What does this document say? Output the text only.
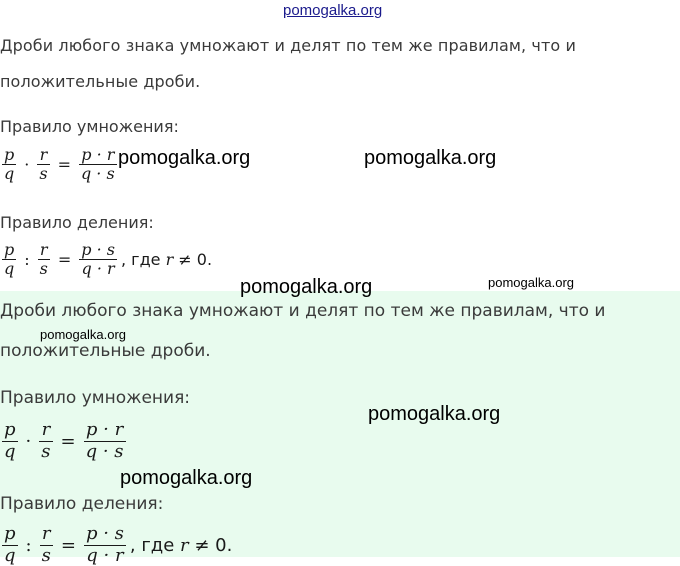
pomogalka.org
Дроби любого знака умножают и делят по тем же правилам, что и
положительные дроби.
Правило умножения:
$\frac{p}{q} \cdot \frac{r}{s} = \frac{p \cdot r}{q \cdot s}$
Правило деления:
$\frac{p}{q}$ : $\frac{r}{s} = \frac{p \cdot s}{q \cdot r}$ , где r ≠ 0.
Дроби любого знака умножают и делят по тем же правилам, что и
положительные дроби.
Правило умножения:
$\frac{p}{q} \cdot \frac{r}{s} = \frac{p \cdot r}{q \cdot s}$
Правило деления:
$\frac{p}{q}$ : $\frac{r}{s} = \frac{p \cdot s}{q \cdot r}$ , где r ≠ 0.
pomogalka.org	pomogalka.org
pomogalka.org	pomogalka.org
pomogalka.org
pomogalka.org
pomogalka.org
